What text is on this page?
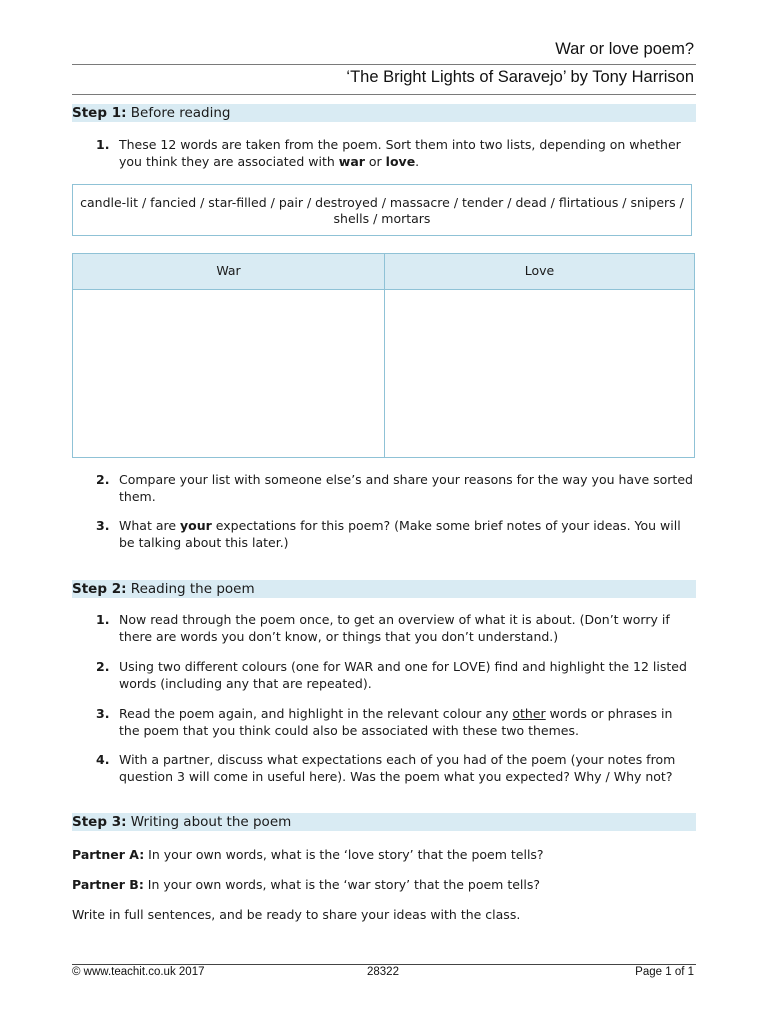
War or love poem?
‘The Bright Lights of Saravejo’ by Tony Harrison
Step 1: Before reading
1. These 12 words are taken from the poem. Sort them into two lists, depending on whether you think they are associated with war or love.
candle-lit / fancied / star-filled / pair / destroyed / massacre / tender / dead / flirtatious / snipers / shells / mortars
War	Love
2. Compare your list with someone else’s and share your reasons for the way you have sorted them.
3. What are your expectations for this poem? (Make some brief notes of your ideas. You will be talking about this later.)
Step 2: Reading the poem
1. Now read through the poem once, to get an overview of what it is about. (Don’t worry if there are words you don’t know, or things that you don’t understand.)
2. Using two different colours (one for WAR and one for LOVE) find and highlight the 12 listed words (including any that are repeated).
3. Read the poem again, and highlight in the relevant colour any other words or phrases in the poem that you think could also be associated with these two themes.
4. With a partner, discuss what expectations each of you had of the poem (your notes from question 3 will come in useful here). Was the poem what you expected? Why / Why not?
Step 3: Writing about the poem
Partner A: In your own words, what is the ‘love story’ that the poem tells?
Partner B: In your own words, what is the ‘war story’ that the poem tells?
Write in full sentences, and be ready to share your ideas with the class.
© www.teachit.co.uk 2017	28322	Page 1 of 1
